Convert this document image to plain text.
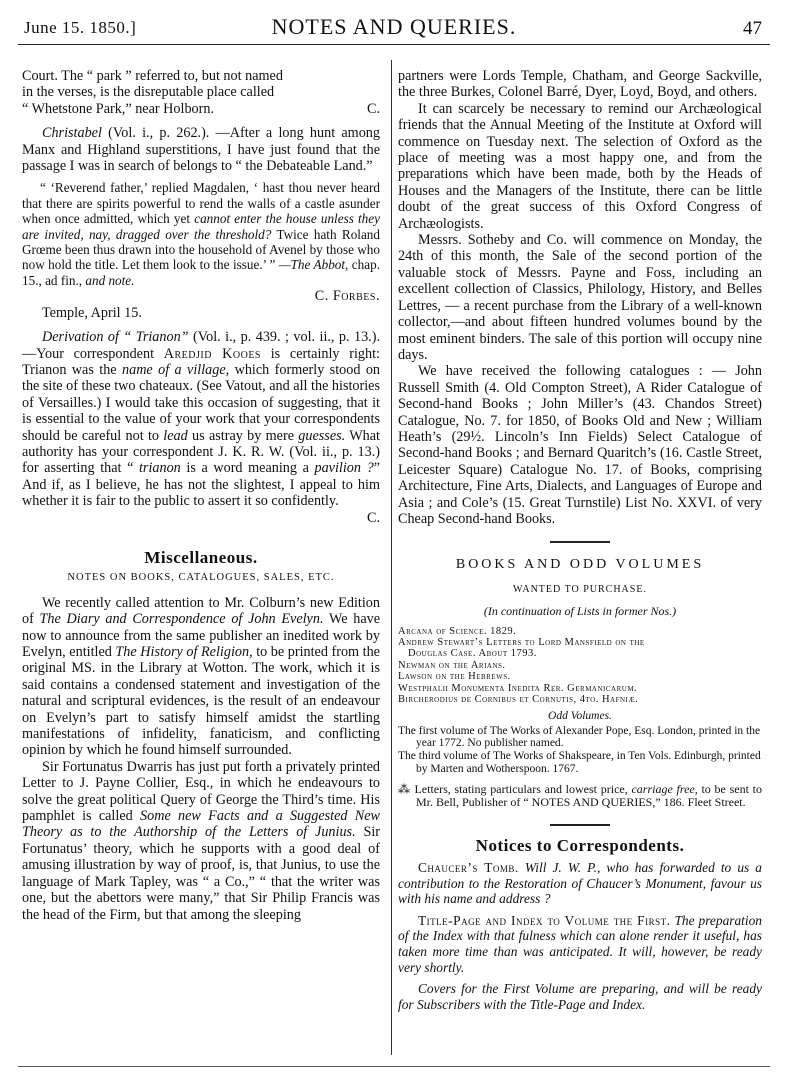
June 15. 1850.]	NOTES AND QUERIES.	47

Court. The “ park ” referred to, but not named
in the verses, is the disreputable place called
“ Whetstone Park,” near Holborn.	C.

Christabel (Vol. i., p. 262.). —After a long hunt among Manx and Highland superstitions, I have just found that the passage I was in search of belongs to “ the Debateable Land.”

“ ‘Reverend father,’ replied Magdalen, ‘ hast thou never heard that there are spirits powerful to rend the walls of a castle asunder when once admitted, which yet cannot enter the house unless they are invited, nay, dragged over the threshold? Twice hath Roland Grœme been thus drawn into the household of Avenel by those who now hold the title. Let them look to the issue.’ ” —The Abbot, chap. 15., ad fin., and note.

C. Forbes.

Temple, April 15.

Derivation of “ Trianon” (Vol. i., p. 439. ; vol. ii., p. 13.).—Your correspondent Aredjid Kooes is certainly right: Trianon was the name of a village, which formerly stood on the site of these two chateaux. (See Vatout, and all the histories of Versailles.) I would take this occasion of suggesting, that it is essential to the value of your work that your correspondents should be careful not to lead us astray by mere guesses. What authority has your correspondent J. K. R. W. (Vol. ii., p. 13.) for asserting that “ trianon is a word meaning a pavilion ?” And if, as I believe, he has not the slightest, I appeal to him whether it is fair to the public to assert it so confidently.

C.

Miscellaneous.
NOTES ON BOOKS, CATALOGUES, SALES, ETC.

We recently called attention to Mr. Colburn’s new Edition of The Diary and Correspondence of John Evelyn. We have now to announce from the same publisher an inedited work by Evelyn, entitled The History of Religion, to be printed from the original MS. in the Library at Wotton. The work, which it is said contains a condensed statement and investigation of the natural and scriptural evidences, is the result of an endeavour on Evelyn’s part to satisfy himself amidst the startling manifestations of infidelity, fanaticism, and conflicting opinion by which he found himself surrounded.

Sir Fortunatus Dwarris has just put forth a privately printed Letter to J. Payne Collier, Esq., in which he endeavours to solve the great political Query of George the Third’s time. His pamphlet is called Some new Facts and a Suggested New Theory as to the Authorship of the Letters of Junius. Sir Fortunatus’ theory, which he supports with a good deal of amusing illustration by way of proof, is, that Junius, to use the language of Mark Tapley, was “ a Co.,” “ that the writer was one, but the abettors were many,” that Sir Philip Francis was the head of the Firm, but that among the sleeping

partners were Lords Temple, Chatham, and George Sackville, the three Burkes, Colonel Barré, Dyer, Loyd, Boyd, and others.

It can scarcely be necessary to remind our Archæological friends that the Annual Meeting of the Institute at Oxford will commence on Tuesday next. The selection of Oxford as the place of meeting was a most happy one, and from the preparations which have been made, both by the Heads of Houses and the Managers of the Institute, there can be little doubt of the great success of this Oxford Congress of Archæologists.

Messrs. Sotheby and Co. will commence on Monday, the 24th of this month, the Sale of the second portion of the valuable stock of Messrs. Payne and Foss, including an excellent collection of Classics, Philology, History, and Belles Lettres, — a recent purchase from the Library of a well-known collector,—and about fifteen hundred volumes bound by the most eminent binders. The sale of this portion will occupy nine days.

We have received the following catalogues : — John Russell Smith (4. Old Compton Street), A Rider Catalogue of Second-hand Books ; John Miller’s (43. Chandos Street) Catalogue, No. 7. for 1850, of Books Old and New ; William Heath’s (29½. Lincoln’s Inn Fields) Select Catalogue of Second-hand Books ; and Bernard Quaritch’s (16. Castle Street, Leicester Square) Catalogue No. 17. of Books, comprising Architecture, Fine Arts, Dialects, and Languages of Europe and Asia ; and Cole’s (15. Great Turnstile) List No. XXVI. of very Cheap Second-hand Books.

BOOKS AND ODD VOLUMES
WANTED TO PURCHASE.
(In continuation of Lists in former Nos.)
Arcana of Science. 1829.
Andrew Stewart’s Letters to Lord Mansfield on the
Douglas Case. About 1793.
Newman on the Arians.
Lawson on the Hebrews.
Westphalii Monumenta Inedita Rer. Germanicarum.
Bircherodius de Cornibus et Cornutis, 4to. Hafniæ.
Odd Volumes.
The first volume of The Works of Alexander Pope, Esq. London, printed in the year 1772. No publisher named.
The third volume of The Works of Shakspeare, in Ten Vols. Edinburgh, printed by Marten and Wotherspoon. 1767.

⁂ Letters, stating particulars and lowest price, carriage free, to be sent to Mr. Bell, Publisher of “ NOTES AND QUERIES,” 186. Fleet Street.

Notices to Correspondents.

Chaucer’s Tomb. Will J. W. P., who has forwarded to us a contribution to the Restoration of Chaucer’s Monument, favour us with his name and address ?

Title-Page and Index to Volume the First. The preparation of the Index with that fulness which can alone render it useful, has taken more time than was anticipated. It will, however, be ready very shortly.

Covers for the First Volume are preparing, and will be ready for Subscribers with the Title-Page and Index.
